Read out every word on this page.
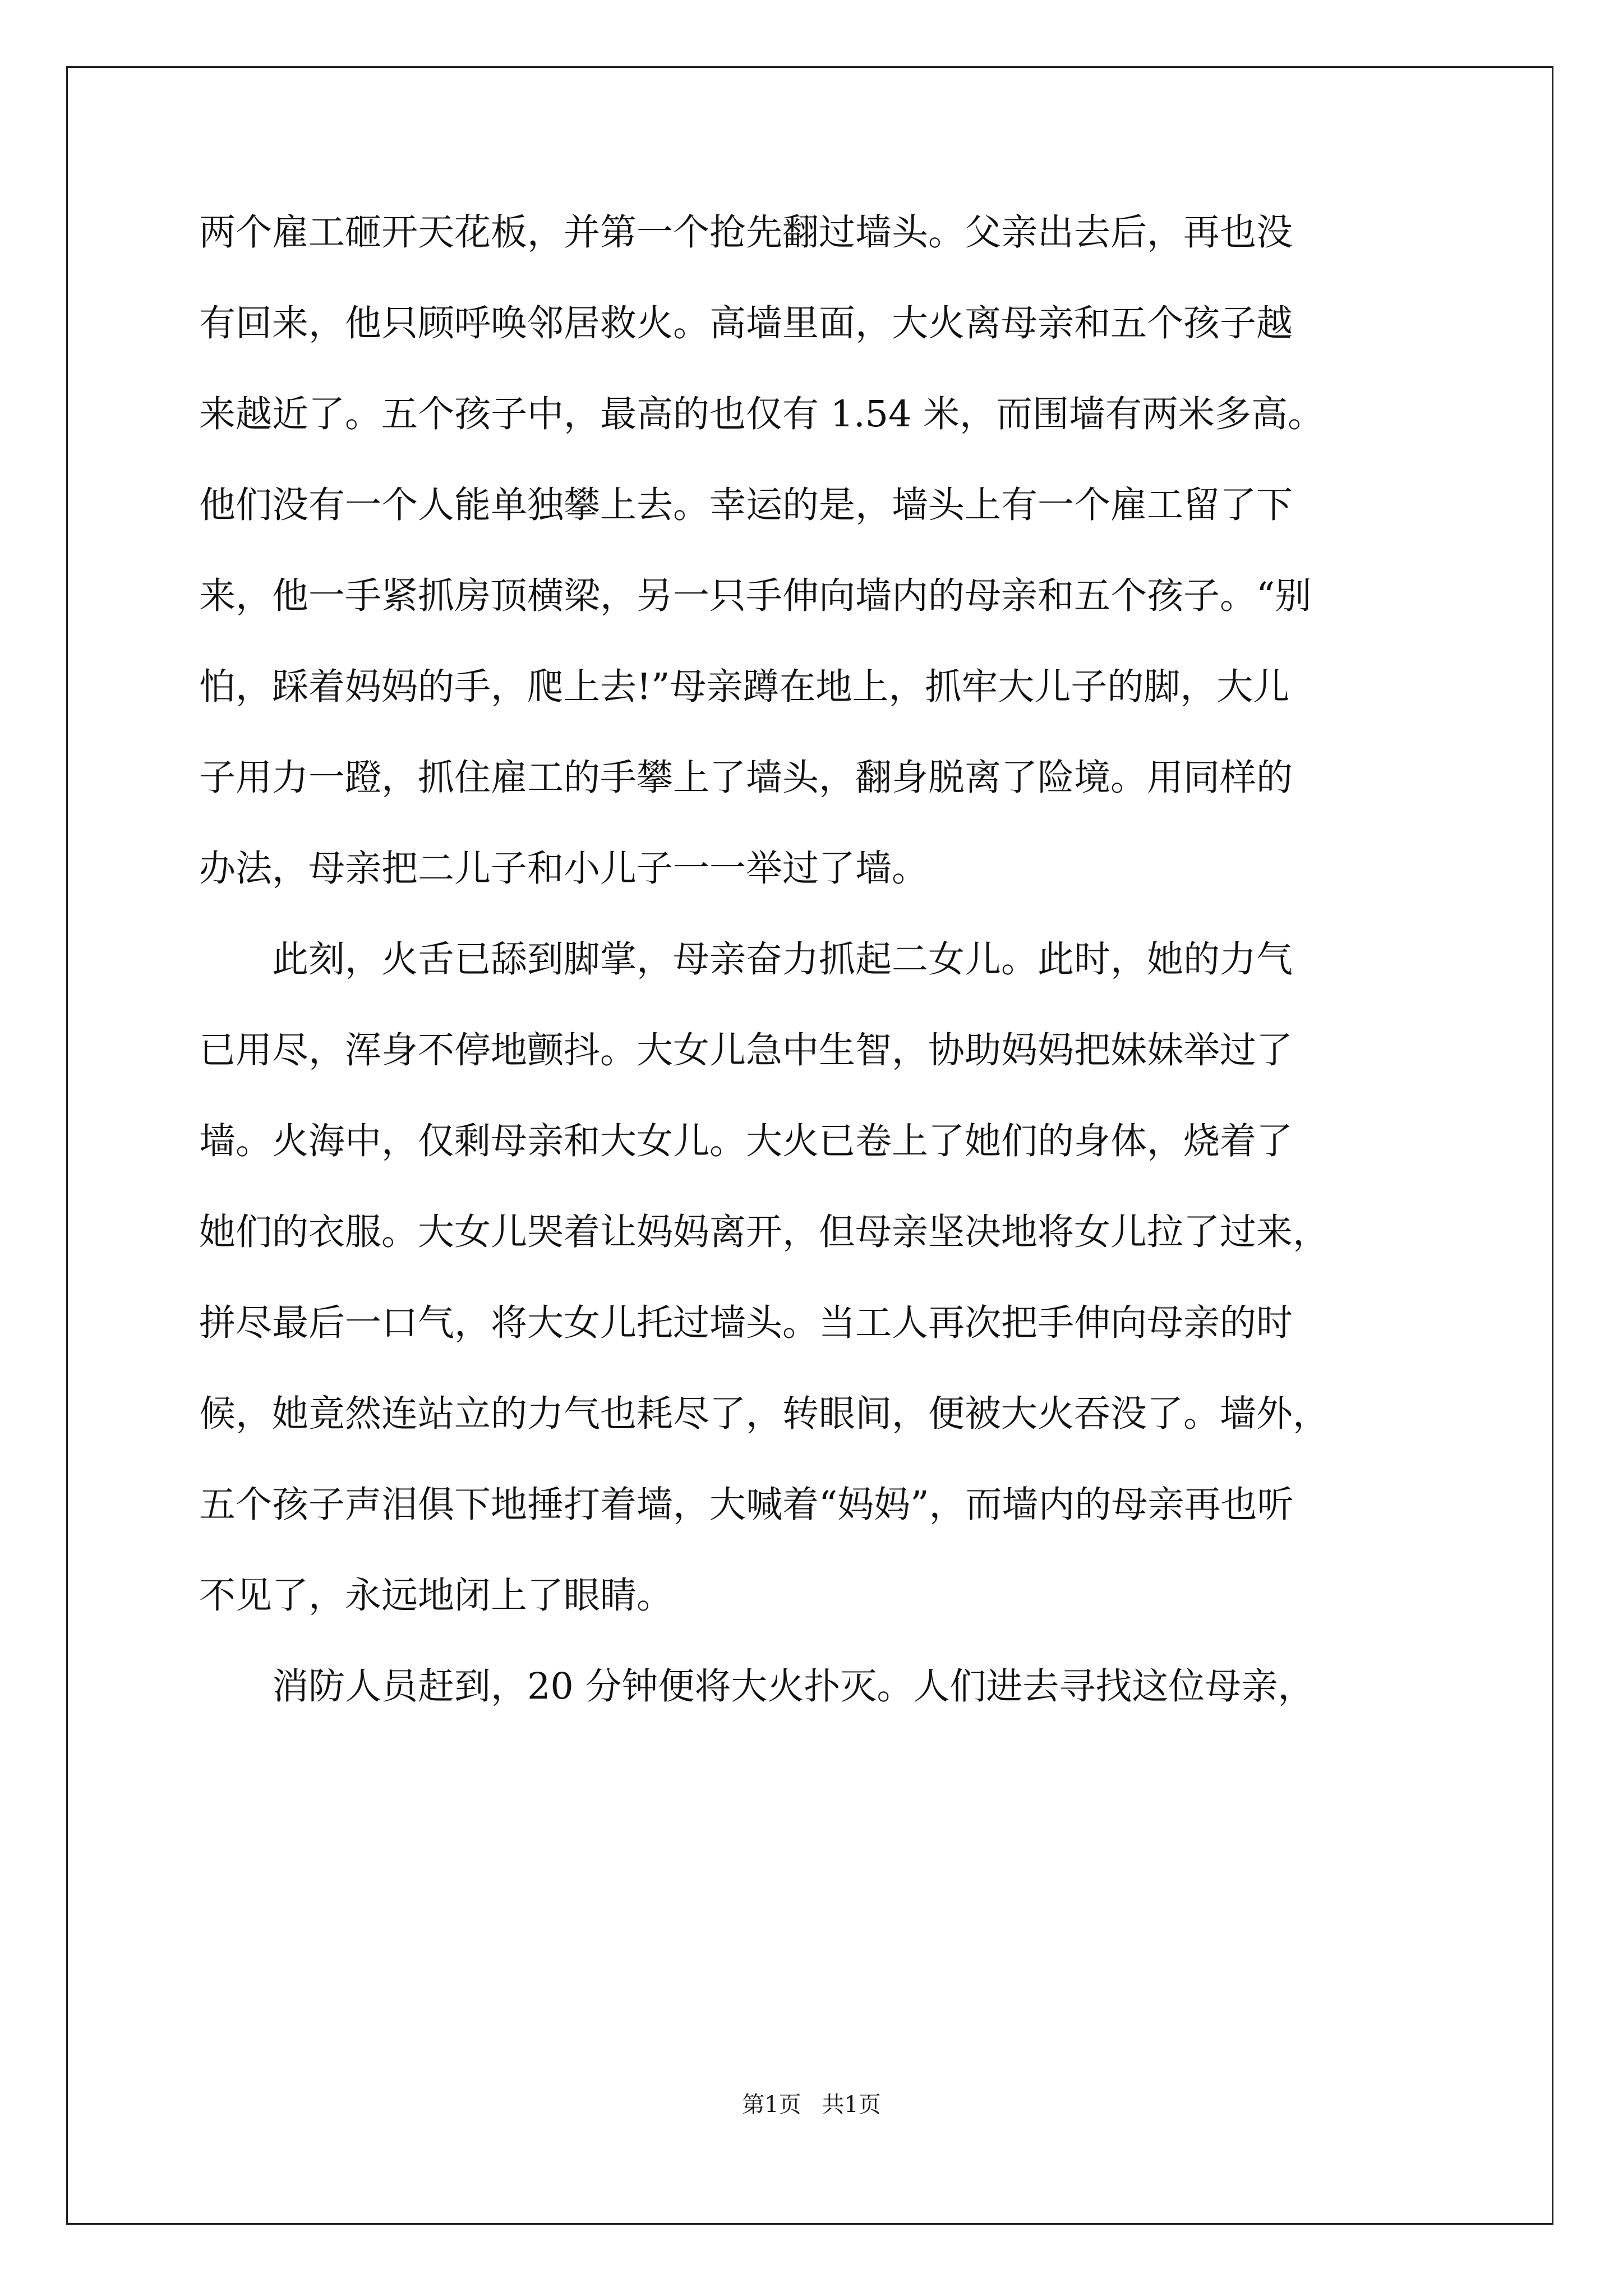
两个雇工砸开天花板，并第一个抢先翻过墙头。父亲出去后，再也没
有回来，他只顾呼唤邻居救火。高墙里面，大火离母亲和五个孩子越
来越近了。五个孩子中，最高的也仅有 1.54 米，而围墙有两米多高。
他们没有一个人能单独攀上去。幸运的是，墙头上有一个雇工留了下
来，他一手紧抓房顶横梁，另一只手伸向墙内的母亲和五个孩子。“别
怕，踩着妈妈的手，爬上去!”母亲蹲在地上，抓牢大儿子的脚，大儿
子用力一蹬，抓住雇工的手攀上了墙头，翻身脱离了险境。用同样的
办法，母亲把二儿子和小儿子一一举过了墙。
　　此刻，火舌已舔到脚掌，母亲奋力抓起二女儿。此时，她的力气
已用尽，浑身不停地颤抖。大女儿急中生智，协助妈妈把妹妹举过了
墙。火海中，仅剩母亲和大女儿。大火已卷上了她们的身体，烧着了
她们的衣服。大女儿哭着让妈妈离开，但母亲坚决地将女儿拉了过来，
拼尽最后一口气，将大女儿托过墙头。当工人再次把手伸向母亲的时
候，她竟然连站立的力气也耗尽了，转眼间，便被大火吞没了。墙外，
五个孩子声泪俱下地捶打着墙，大喊着“妈妈”，而墙内的母亲再也听
不见了，永远地闭上了眼睛。
　　消防人员赶到，20 分钟便将大火扑灭。人们进去寻找这位母亲，
第1页 共1页
